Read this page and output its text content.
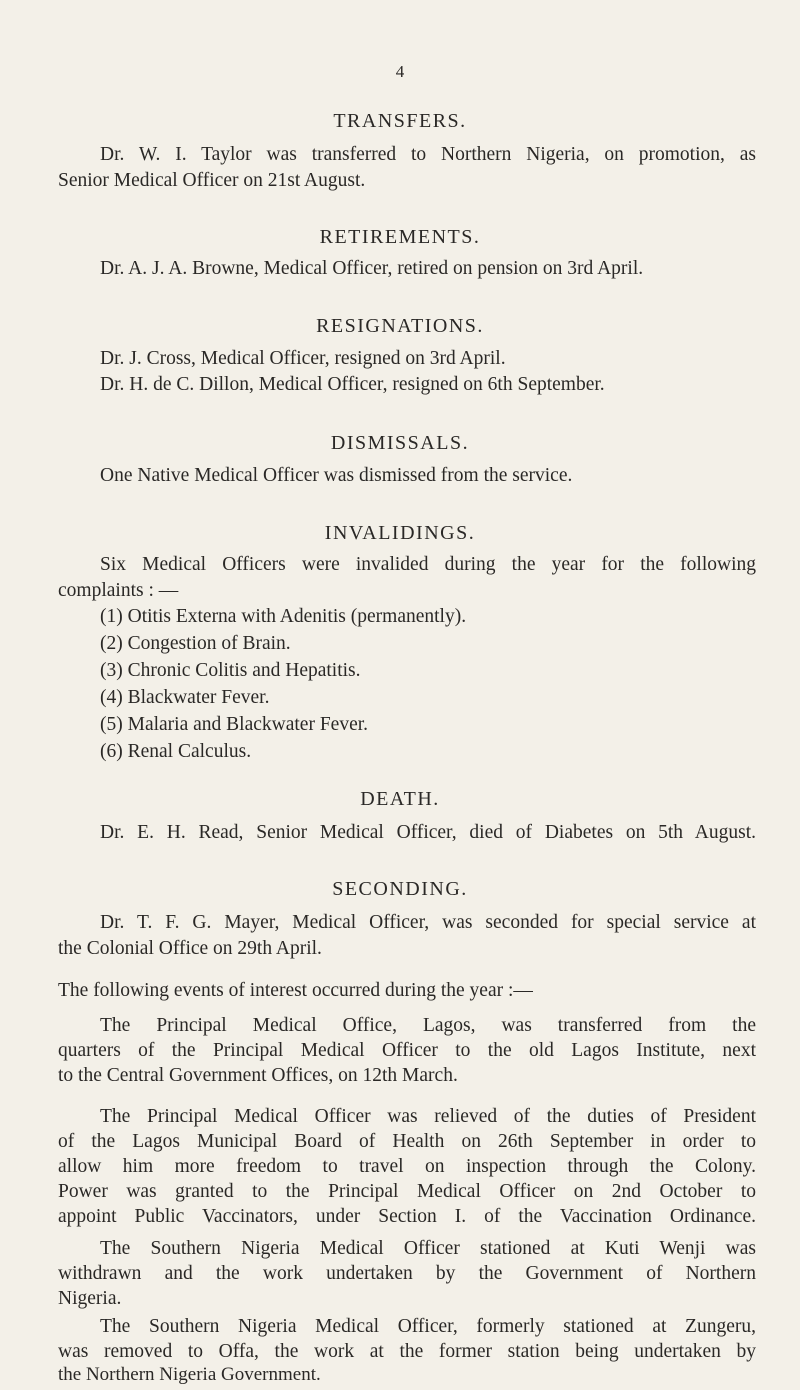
4
TRANSFERS.
Dr. W. I. Taylor was transferred to Northern Nigeria, on promotion, as
Senior Medical Officer on 21st August.
RETIREMENTS.
Dr. A. J. A. Browne, Medical Officer, retired on pension on 3rd April.
RESIGNATIONS.
Dr. J. Cross, Medical Officer, resigned on 3rd April.
Dr. H. de C. Dillon, Medical Officer, resigned on 6th September.
DISMISSALS.
One Native Medical Officer was dismissed from the service.
INVALIDINGS.
Six Medical Officers were invalided during the year for the following
complaints : —
(1) Otitis Externa with Adenitis (permanently).
(2) Congestion of Brain.
(3) Chronic Colitis and Hepatitis.
(4) Blackwater Fever.
(5) Malaria and Blackwater Fever.
(6) Renal Calculus.
DEATH.
Dr. E. H. Read, Senior Medical Officer, died of Diabetes on 5th August.
SECONDING.
Dr. T. F. G. Mayer, Medical Officer, was seconded for special service at
the Colonial Office on 29th April.
The following events of interest occurred during the year :—
The Principal Medical Office, Lagos, was transferred from the
quarters of the Principal Medical Officer to the old Lagos Institute, next
to the Central Government Offices, on 12th March.
The Principal Medical Officer was relieved of the duties of President
of the Lagos Municipal Board of Health on 26th September in order to
allow him more freedom to travel on inspection through the Colony.
Power was granted to the Principal Medical Officer on 2nd October to
appoint Public Vaccinators, under Section I. of the Vaccination Ordinance.
The Southern Nigeria Medical Officer stationed at Kuti Wenji was
withdrawn and the work undertaken by the Government of Northern
Nigeria.
The Southern Nigeria Medical Officer, formerly stationed at Zungeru,
was removed to Offa, the work at the former station being undertaken by
the Northern Nigeria Government.
